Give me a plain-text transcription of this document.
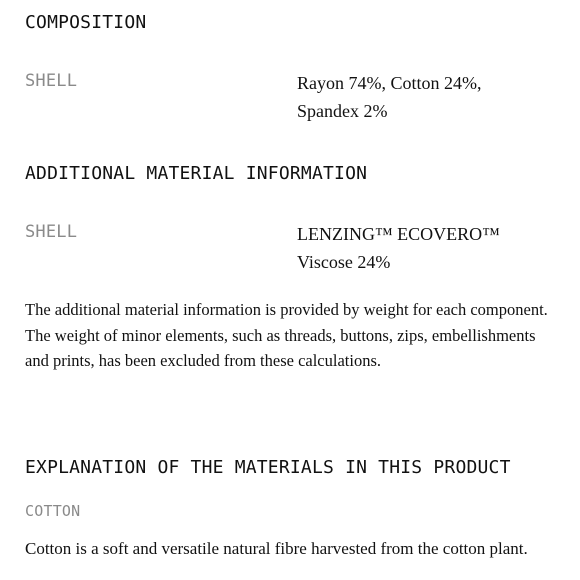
COMPOSITION
SHELL	Rayon 74%, Cotton 24%, Spandex 2%
ADDITIONAL MATERIAL INFORMATION
SHELL	LENZING™ ECOVERO™ Viscose 24%
The additional material information is provided by weight for each component. The weight of minor elements, such as threads, buttons, zips, embellishments and prints, has been excluded from these calculations.
EXPLANATION OF THE MATERIALS IN THIS PRODUCT
COTTON
Cotton is a soft and versatile natural fibre harvested from the cotton plant.
